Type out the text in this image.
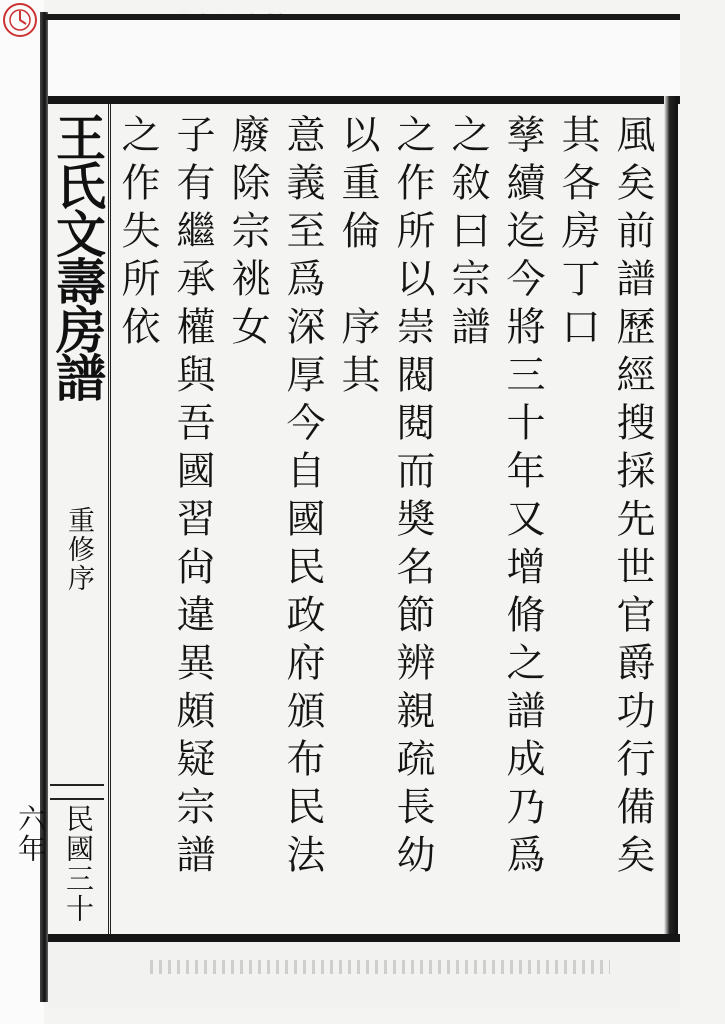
王氏文壽房譜
重修序
民國三十六年	風矣前譜歷經搜採先世官爵功行備矣其各房丁口
孳續迄今將三十年又增脩之譜成乃爲之敘曰宗譜
之作所以崇閥閱而奬名節辨親疏長幼以重倫　序其
意義至爲深厚今自國民政府頒布民法廢除宗祧女
子有繼承權與吾國習尙違異頗疑宗譜之作失所依
